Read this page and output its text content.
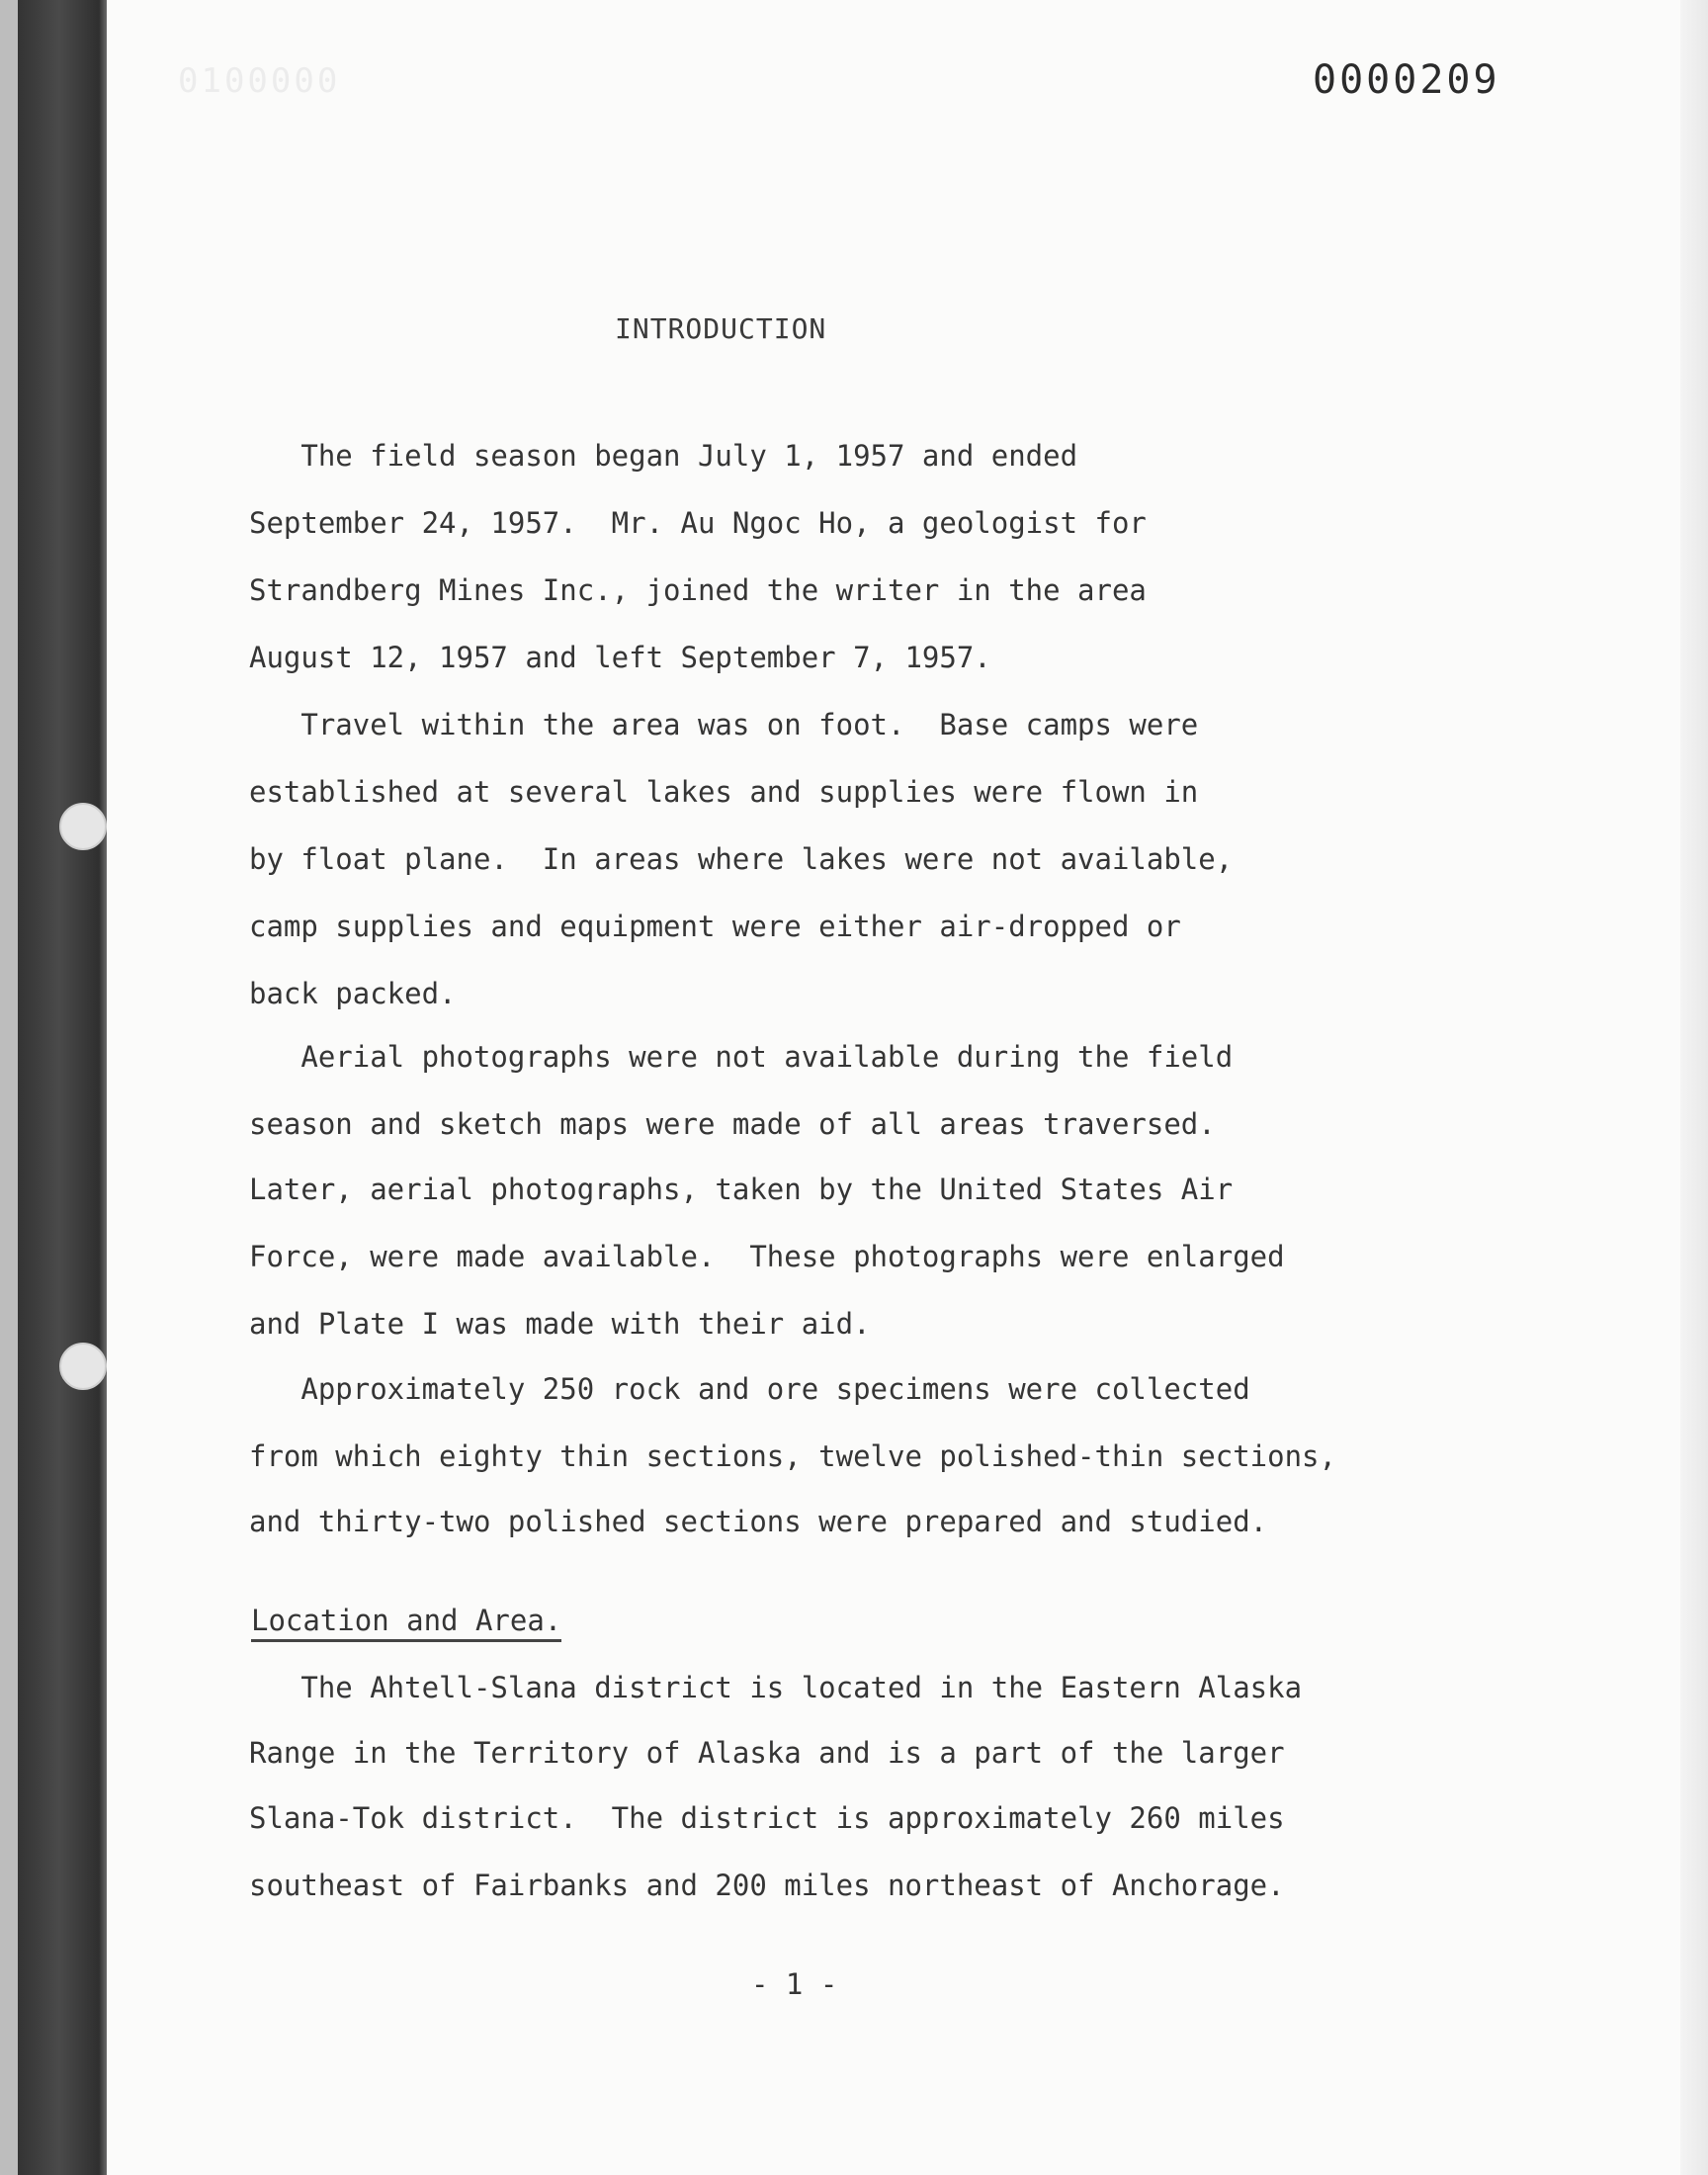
0100000	0000209
INTRODUCTION
The field season began July 1, 1957 and ended
September 24, 1957.  Mr. Au Ngoc Ho, a geologist for
Strandberg Mines Inc., joined the writer in the area
August 12, 1957 and left September 7, 1957.
Travel within the area was on foot.  Base camps were
established at several lakes and supplies were flown in
by float plane.  In areas where lakes were not available,
camp supplies and equipment were either air-dropped or
back packed.
Aerial photographs were not available during the field
season and sketch maps were made of all areas traversed.
Later, aerial photographs, taken by the United States Air
Force, were made available.  These photographs were enlarged
and Plate I was made with their aid.
Approximately 250 rock and ore specimens were collected
from which eighty thin sections, twelve polished-thin sections,
and thirty-two polished sections were prepared and studied.
Location and Area.
The Ahtell-Slana district is located in the Eastern Alaska
Range in the Territory of Alaska and is a part of the larger
Slana-Tok district.  The district is approximately 260 miles
southeast of Fairbanks and 200 miles northeast of Anchorage.
- 1 -
